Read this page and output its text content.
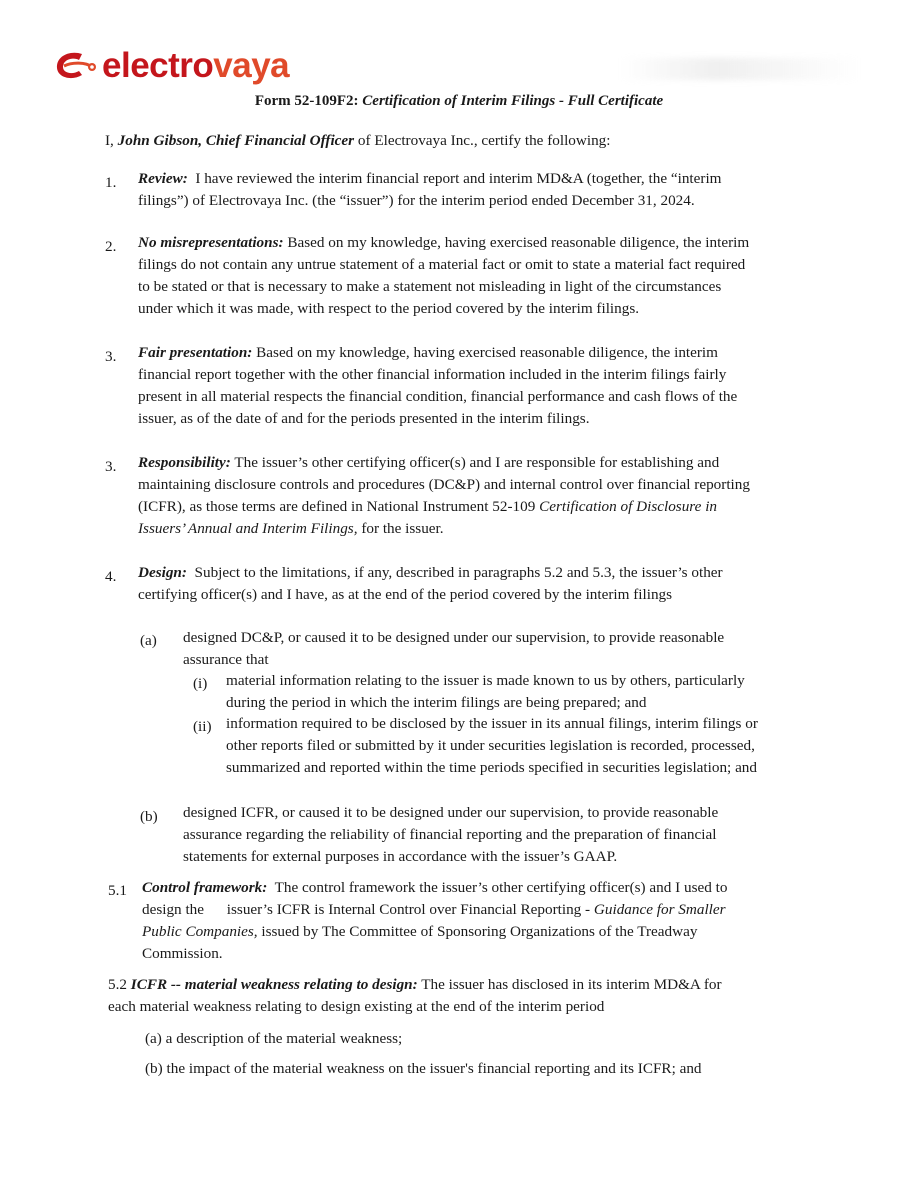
electrovaya
Form 52-109F2: Certification of Interim Filings - Full Certificate
I, John Gibson, Chief Financial Officer of Electrovaya Inc., certify the following:
1. Review: I have reviewed the interim financial report and interim MD&A (together, the “interim
filings”) of Electrovaya Inc. (the “issuer”) for the interim period ended December 31, 2024.
2. No misrepresentations: Based on my knowledge, having exercised reasonable diligence, the interim
filings do not contain any untrue statement of a material fact or omit to state a material fact required
to be stated or that is necessary to make a statement not misleading in light of the circumstances
under which it was made, with respect to the period covered by the interim filings.
3. Fair presentation: Based on my knowledge, having exercised reasonable diligence, the interim
financial report together with the other financial information included in the interim filings fairly
present in all material respects the financial condition, financial performance and cash flows of the
issuer, as of the date of and for the periods presented in the interim filings.
3. Responsibility: The issuer’s other certifying officer(s) and I are responsible for establishing and
maintaining disclosure controls and procedures (DC&P) and internal control over financial reporting
(ICFR), as those terms are defined in National Instrument 52-109 Certification of Disclosure in
Issuers’ Annual and Interim Filings, for the issuer.
4. Design: Subject to the limitations, if any, described in paragraphs 5.2 and 5.3, the issuer’s other
certifying officer(s) and I have, as at the end of the period covered by the interim filings
(a) designed DC&P, or caused it to be designed under our supervision, to provide reasonable
assurance that
(i) material information relating to the issuer is made known to us by others, particularly
during the period in which the interim filings are being prepared; and
(ii) information required to be disclosed by the issuer in its annual filings, interim filings or
other reports filed or submitted by it under securities legislation is recorded, processed,
summarized and reported within the time periods specified in securities legislation; and
(b) designed ICFR, or caused it to be designed under our supervision, to provide reasonable
assurance regarding the reliability of financial reporting and the preparation of financial
statements for external purposes in accordance with the issuer’s GAAP.
5.1 Control framework: The control framework the issuer’s other certifying officer(s) and I used to
design the      issuer’s ICFR is Internal Control over Financial Reporting - Guidance for Smaller
Public Companies, issued by The Committee of Sponsoring Organizations of the Treadway
Commission.
5.2 ICFR -- material weakness relating to design: The issuer has disclosed in its interim MD&A for
each material weakness relating to design existing at the end of the interim period
(a) a description of the material weakness;
(b) the impact of the material weakness on the issuer's financial reporting and its ICFR; and
